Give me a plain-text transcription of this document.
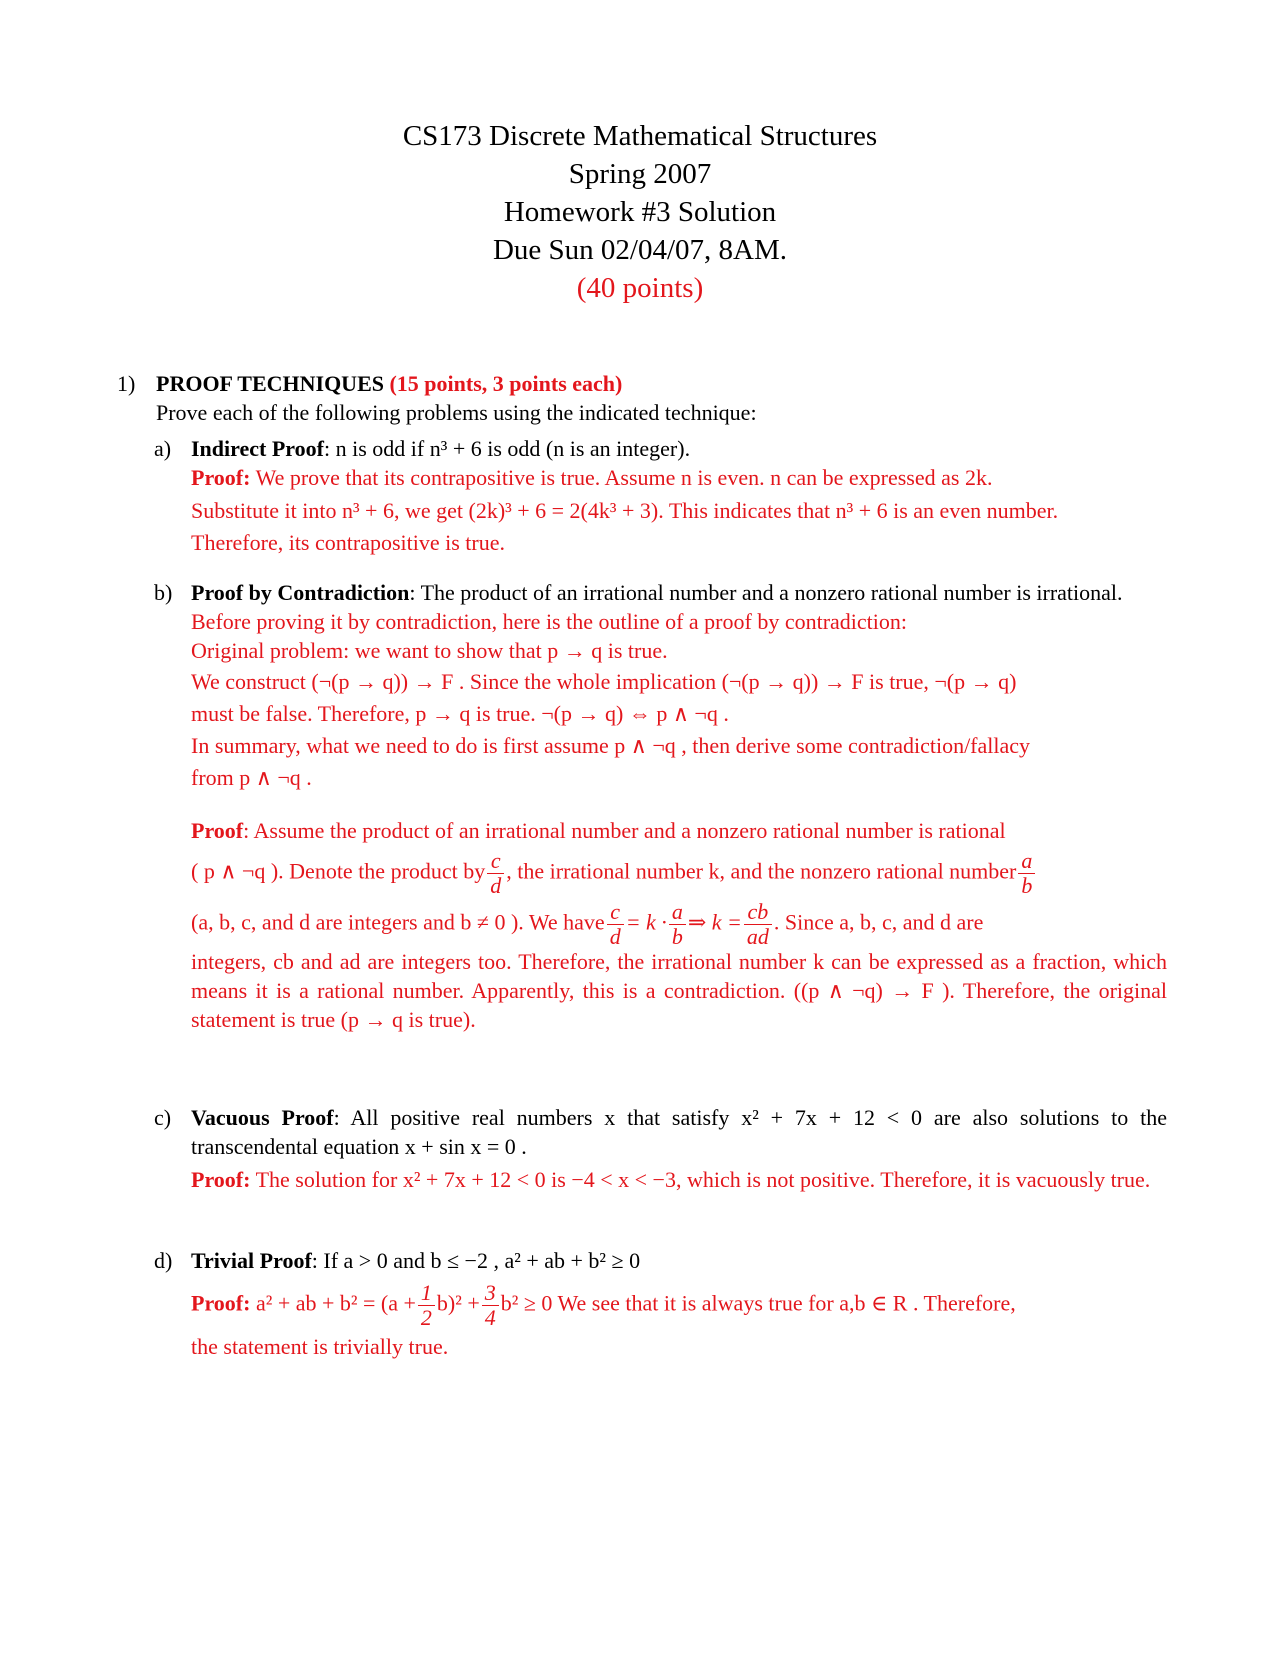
CS173 Discrete Mathematical Structures
Spring 2007
Homework #3 Solution
Due Sun 02/04/07, 8AM.
(40 points)
1) PROOF TECHNIQUES (15 points, 3 points each)
Prove each of the following problems using the indicated technique:
a) Indirect Proof: n is odd if n³ + 6 is odd (n is an integer).
Proof: We prove that its contrapositive is true. Assume n is even. n can be expressed as 2k.
Substitute it into n³ + 6, we get (2k)³ + 6 = 2(4k³ + 3). This indicates that n³ + 6 is an even number.
Therefore, its contrapositive is true.
b) Proof by Contradiction: The product of an irrational number and a nonzero rational number is irrational.
Before proving it by contradiction, here is the outline of a proof by contradiction:
Original problem: we want to show that p → q is true.
We construct (¬(p → q)) → F . Since the whole implication (¬(p → q)) → F is true, ¬(p → q)
must be false. Therefore, p → q is true. ¬(p → q) ⇔ p ∧ ¬q .
In summary, what we need to do is first assume p ∧ ¬q , then derive some contradiction/fallacy
from p ∧ ¬q .
Proof: Assume the product of an irrational number and a nonzero rational number is rational
( p ∧ ¬q ). Denote the product by $\frac{c}{d}$ , the irrational number k, and the nonzero rational number $\frac{a}{b}$
(a, b, c, and d are integers and b ≠ 0 ). We have $\frac{c}{d} = k \cdot \frac{a}{b}$ ⇒ $k = \frac{cb}{ad}$ . Since a, b, c, and d are
integers, cb and ad are integers too. Therefore, the irrational number k can be expressed as a fraction, which means it is a rational number. Apparently, this is a contradiction. ((p ∧ ¬q) → F ). Therefore, the original statement is true (p → q is true).
c) Vacuous Proof: All positive real numbers x that satisfy x² + 7x + 12 < 0 are also solutions to the transcendental equation x + sin x = 0 .
Proof: The solution for x² + 7x + 12 < 0 is −4 < x < −3, which is not positive. Therefore, it is vacuously true.
d) Trivial Proof: If a > 0 and b ≤ −2 , a² + ab + b² ≥ 0
Proof: a² + ab + $b^2 = (a + \frac{1}{2} b)^2 + \frac{3}{4} b^2 \ge 0$ We see that it is always true for a,b ∈ R . Therefore,
the statement is trivially true.
